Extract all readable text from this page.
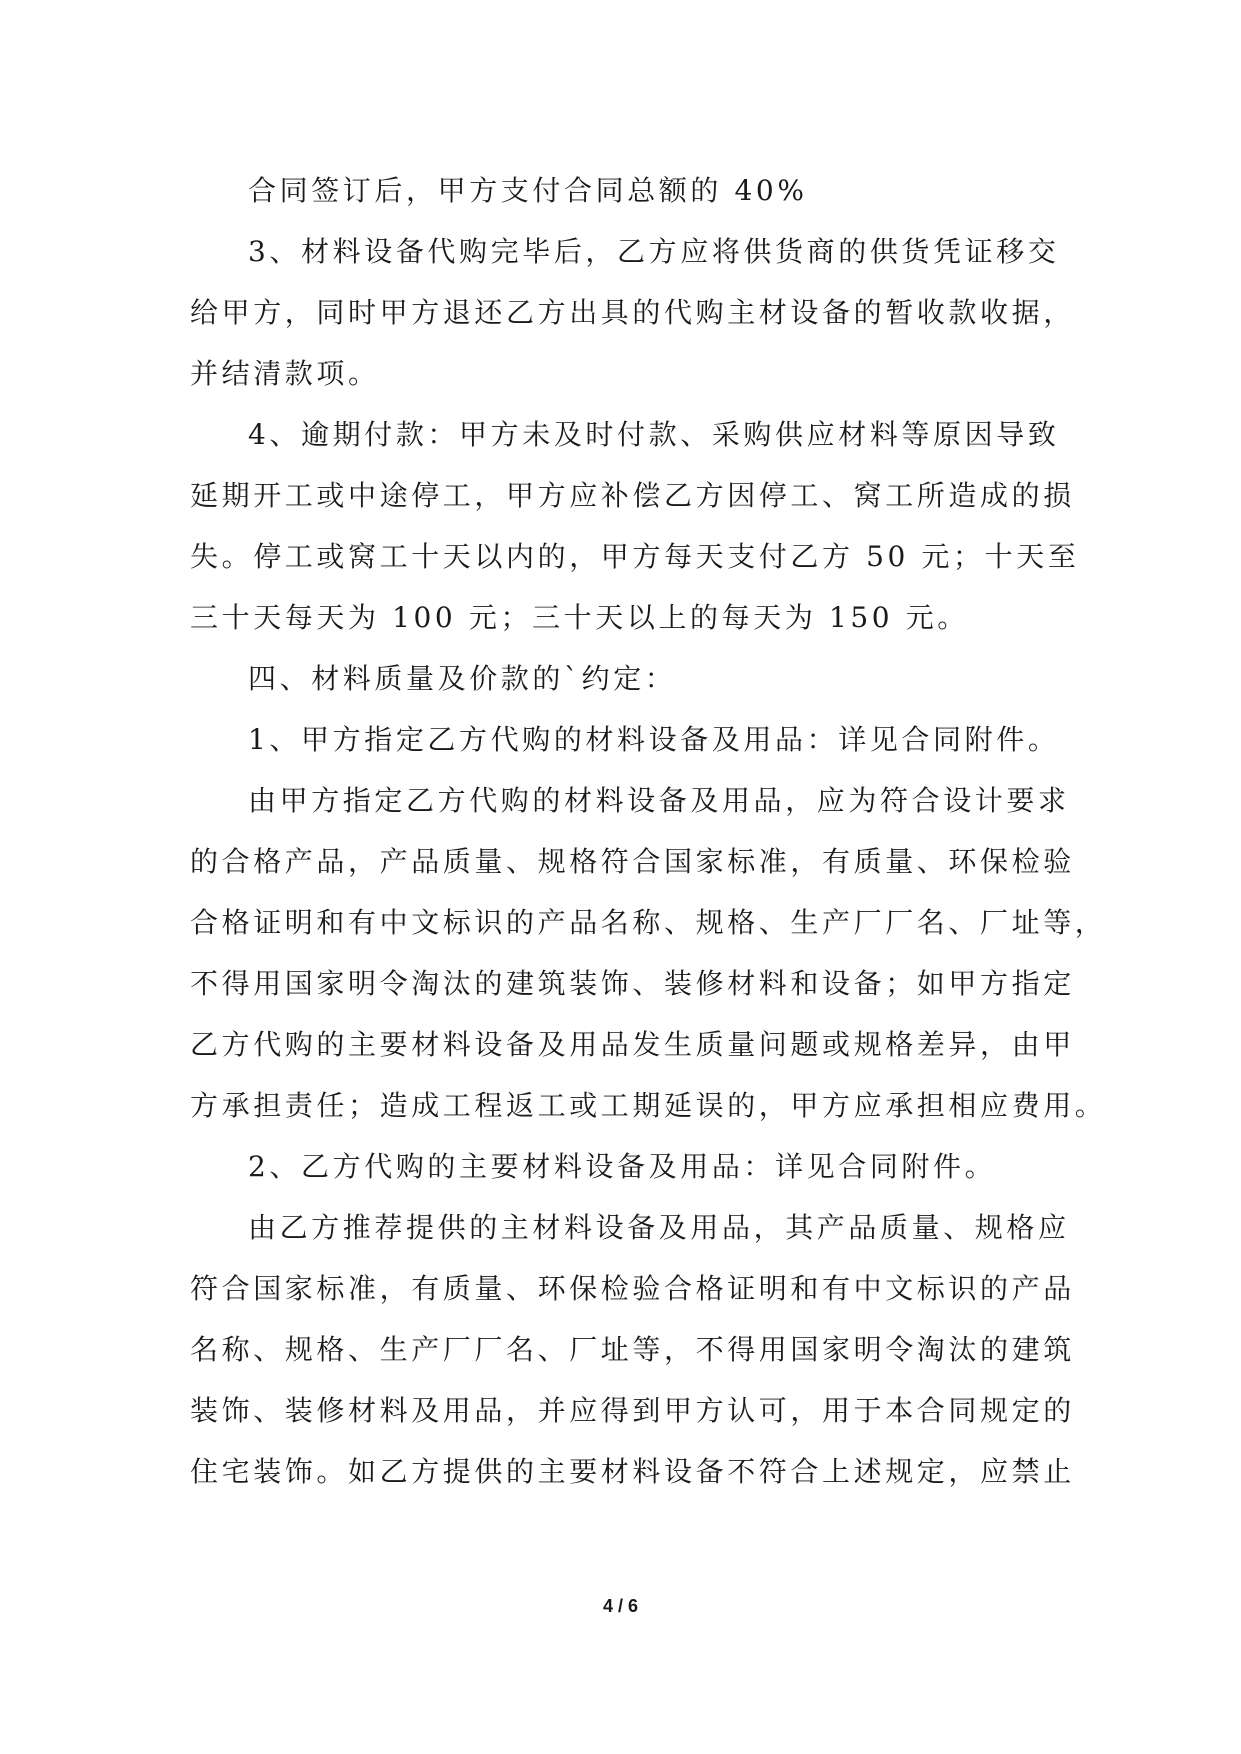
合同签订后，甲方支付合同总额的 40%
3、材料设备代购完毕后，乙方应将供货商的供货凭证移交
给甲方，同时甲方退还乙方出具的代购主材设备的暂收款收据，
并结清款项。
4、逾期付款：甲方未及时付款、采购供应材料等原因导致
延期开工或中途停工，甲方应补偿乙方因停工、窝工所造成的损
失。停工或窝工十天以内的，甲方每天支付乙方 50 元；十天至
三十天每天为 100 元；三十天以上的每天为 150 元。
四、材料质量及价款的`约定：
1、甲方指定乙方代购的材料设备及用品：详见合同附件。
由甲方指定乙方代购的材料设备及用品，应为符合设计要求
的合格产品，产品质量、规格符合国家标准，有质量、环保检验
合格证明和有中文标识的产品名称、规格、生产厂厂名、厂址等，
不得用国家明令淘汰的建筑装饰、装修材料和设备；如甲方指定
乙方代购的主要材料设备及用品发生质量问题或规格差异，由甲
方承担责任；造成工程返工或工期延误的，甲方应承担相应费用。
2、乙方代购的主要材料设备及用品：详见合同附件。
由乙方推荐提供的主材料设备及用品，其产品质量、规格应
符合国家标准，有质量、环保检验合格证明和有中文标识的产品
名称、规格、生产厂厂名、厂址等，不得用国家明令淘汰的建筑
装饰、装修材料及用品，并应得到甲方认可，用于本合同规定的
住宅装饰。如乙方提供的主要材料设备不符合上述规定，应禁止
4 / 6
